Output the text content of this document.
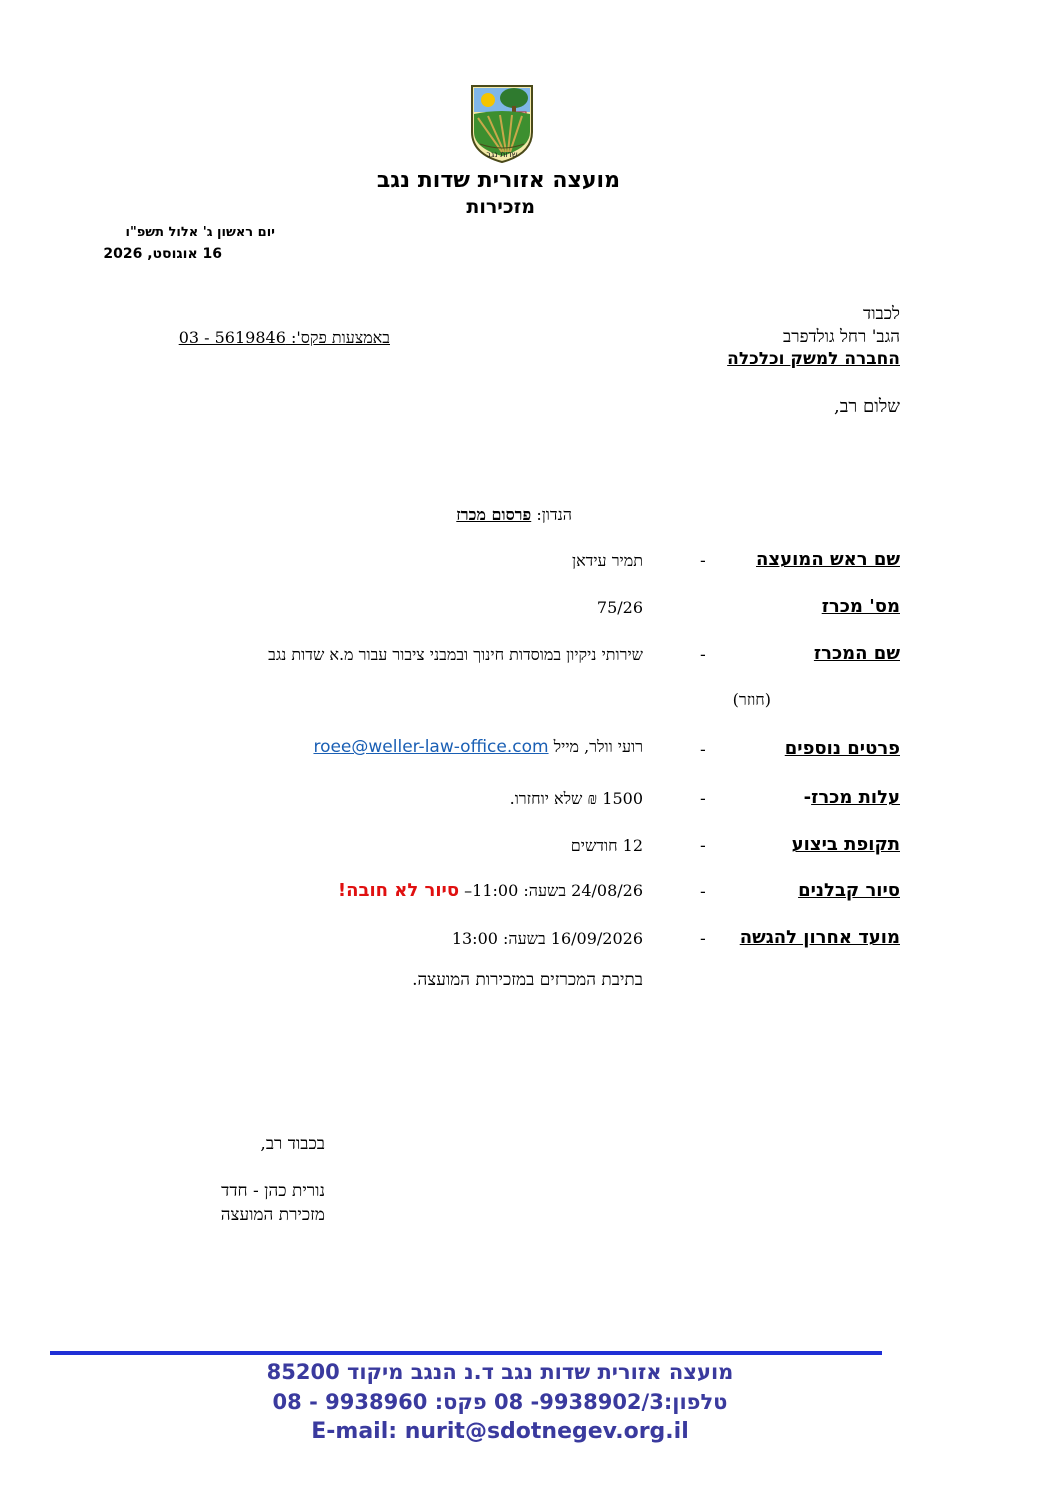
שדות נגב
מועצה אזורית שדות נגב
מזכירות
יום ראשון ג' אלול תשפ"ו
16 אוגוסט, 2026
לכבוד
הגב' רחל גולדפרב
החברה למשק וכלכלה
באמצעות פקס': 03 - 5619846
שלום רב,
הנדון: פרסום מכרז
שם ראש המועצה
-
תמיר עידאן
מס' מכרז
75/26
שם המכרז
-
שירותי ניקיון במוסדות חינוך ובמבני ציבור עבור מ.א שדות נגב
(חוזר)
פרטים נוספים
-
רועי וולר, מייל roee@weller-law-office.com
עלות מכרז-
-
1500 ₪ שלא יוחזרו.
תקופת ביצוע
-
12 חודשים
סיור קבלנים
-
24/08/26 בשעה: 11:00– סיור לא חובה!
מועד אחרון להגשה
-
16/09/2026 בשעה: 13:00
בתיבת המכרזים במזכירות המועצה.
בכבוד רב,
נורית כהן - חדד
מזכירת המועצה
מועצה אזורית שדות נגב ד.נ הנגב מיקוד 85200
טלפון:9938902/3- 08 פקס: 9938960 - 08
E-mail: nurit@sdotnegev.org.il
